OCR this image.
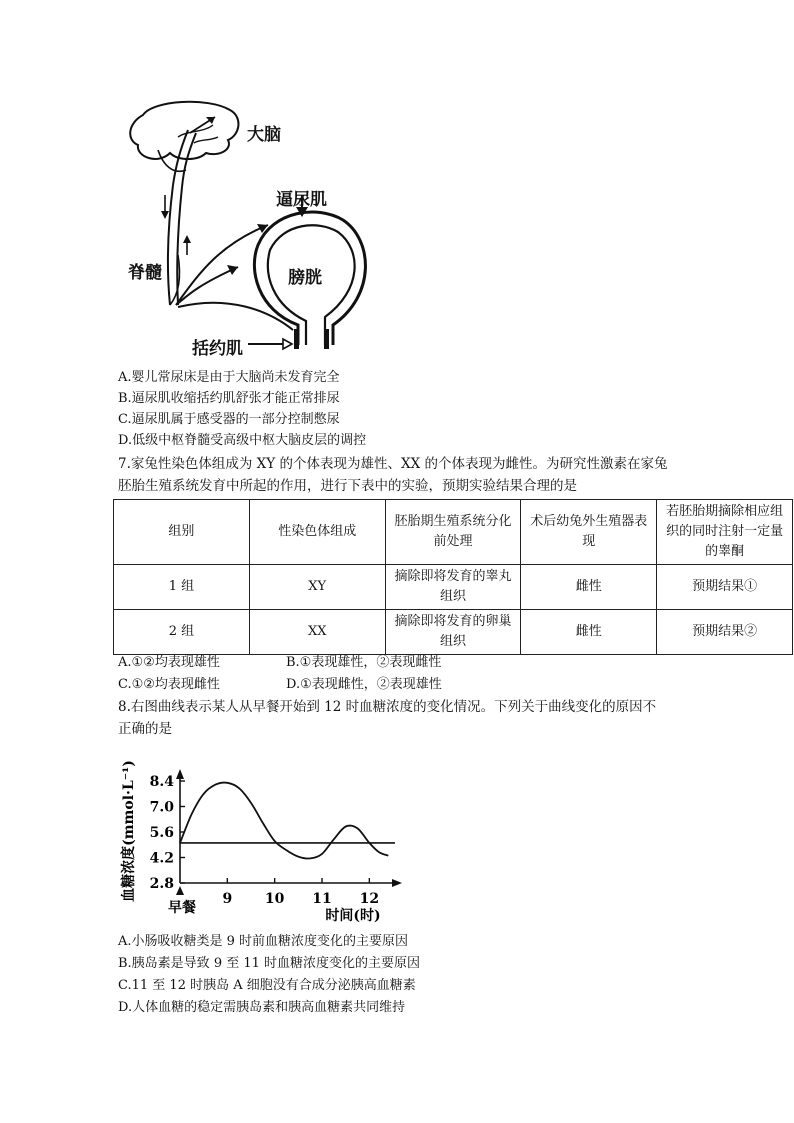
大脑
逼尿肌
膀胱
脊髓
括约肌
A.婴儿常尿床是由于大脑尚未发育完全
B.逼尿肌收缩括约肌舒张才能正常排尿
C.逼尿肌属于感受器的一部分控制憋尿
D.低级中枢脊髓受高级中枢大脑皮层的调控
7.家兔性染色体组成为 XY 的个体表现为雄性、XX 的个体表现为雌性。为研究性激素在家兔
胚胎生殖系统发育中所起的作用，进行下表中的实验，预期实验结果合理的是
组别	性染色体组成	胚胎期生殖系统分化前处理	术后幼兔外生殖器表现	若胚胎期摘除相应组织的同时注射一定量的睾酮
1 组	XY	摘除即将发育的睾丸组织	雌性	预期结果①
2 组	XX	摘除即将发育的卵巢组织	雌性	预期结果②
A.①②均表现雄性	B.①表现雄性，②表现雌性
C.①②均表现雌性	D.①表现雌性，②表现雄性
8.右图曲线表示某人从早餐开始到 12 时血糖浓度的变化情况。下列关于曲线变化的原因不
正确的是
血糖浓度(mmol·L⁻¹)
时间(时)
早餐
8.4
7.0
5.6
4.2
2.8
9 10 11 12
A.小肠吸收糖类是 9 时前血糖浓度变化的主要原因
B.胰岛素是导致 9 至 11 时血糖浓度变化的主要原因
C.11 至 12 时胰岛 A 细胞没有合成分泌胰高血糖素
D.人体血糖的稳定需胰岛素和胰高血糖素共同维持
